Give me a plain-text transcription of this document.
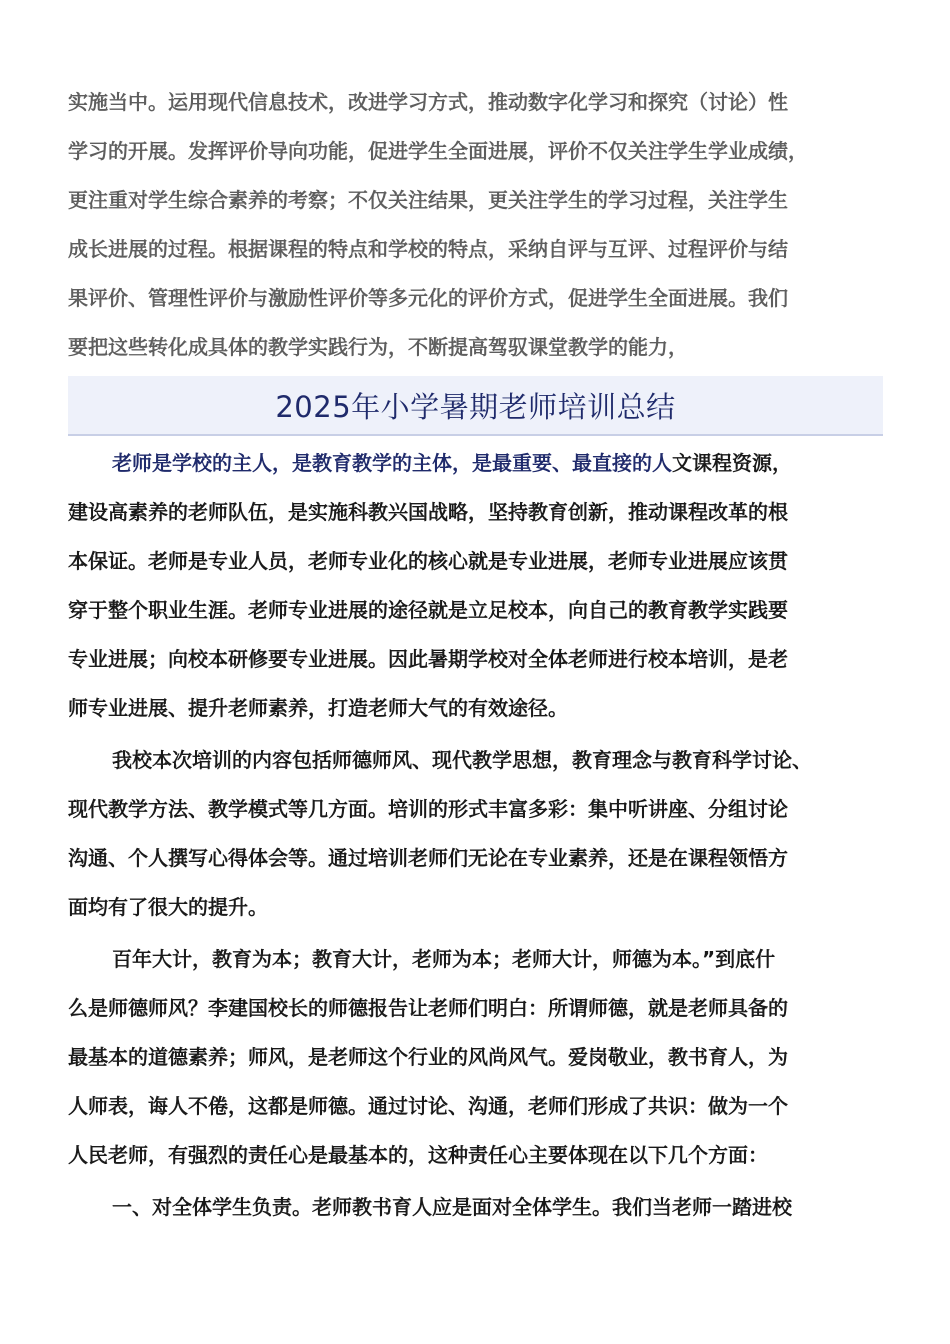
实施当中。运用现代信息技术，改进学习方式，推动数字化学习和探究（讨论）性
学习的开展。发挥评价导向功能，促进学生全面进展，评价不仅关注学生学业成绩，
更注重对学生综合素养的考察；不仅关注结果，更关注学生的学习过程，关注学生
成长进展的过程。根据课程的特点和学校的特点，采纳自评与互评、过程评价与结
果评价、管理性评价与激励性评价等多元化的评价方式，促进学生全面进展。我们
要把这些转化成具体的教学实践行为，不断提高驾驭课堂教学的能力，
2025年小学暑期老师培训总结
老师是学校的主人，是教育教学的主体，是最重要、最直接的人文课程资源，
建设高素养的老师队伍，是实施科教兴国战略，坚持教育创新，推动课程改革的根
本保证。老师是专业人员，老师专业化的核心就是专业进展，老师专业进展应该贯
穿于整个职业生涯。老师专业进展的途径就是立足校本，向自己的教育教学实践要
专业进展；向校本研修要专业进展。因此暑期学校对全体老师进行校本培训，是老
师专业进展、提升老师素养，打造老师大气的有效途径。
我校本次培训的内容包括师德师风、现代教学思想，教育理念与教育科学讨论、
现代教学方法、教学模式等几方面。培训的形式丰富多彩：集中听讲座、分组讨论
沟通、个人撰写心得体会等。通过培训老师们无论在专业素养，还是在课程领悟方
面均有了很大的提升。
百年大计，教育为本；教育大计，老师为本；老师大计，师德为本。”到底什
么是师德师风？李建国校长的师德报告让老师们明白：所谓师德，就是老师具备的
最基本的道德素养；师风，是老师这个行业的风尚风气。爱岗敬业，教书育人，为
人师表，诲人不倦，这都是师德。通过讨论、沟通，老师们形成了共识：做为一个
人民老师，有强烈的责任心是最基本的，这种责任心主要体现在以下几个方面：
一、对全体学生负责。老师教书育人应是面对全体学生。我们当老师一踏进校
